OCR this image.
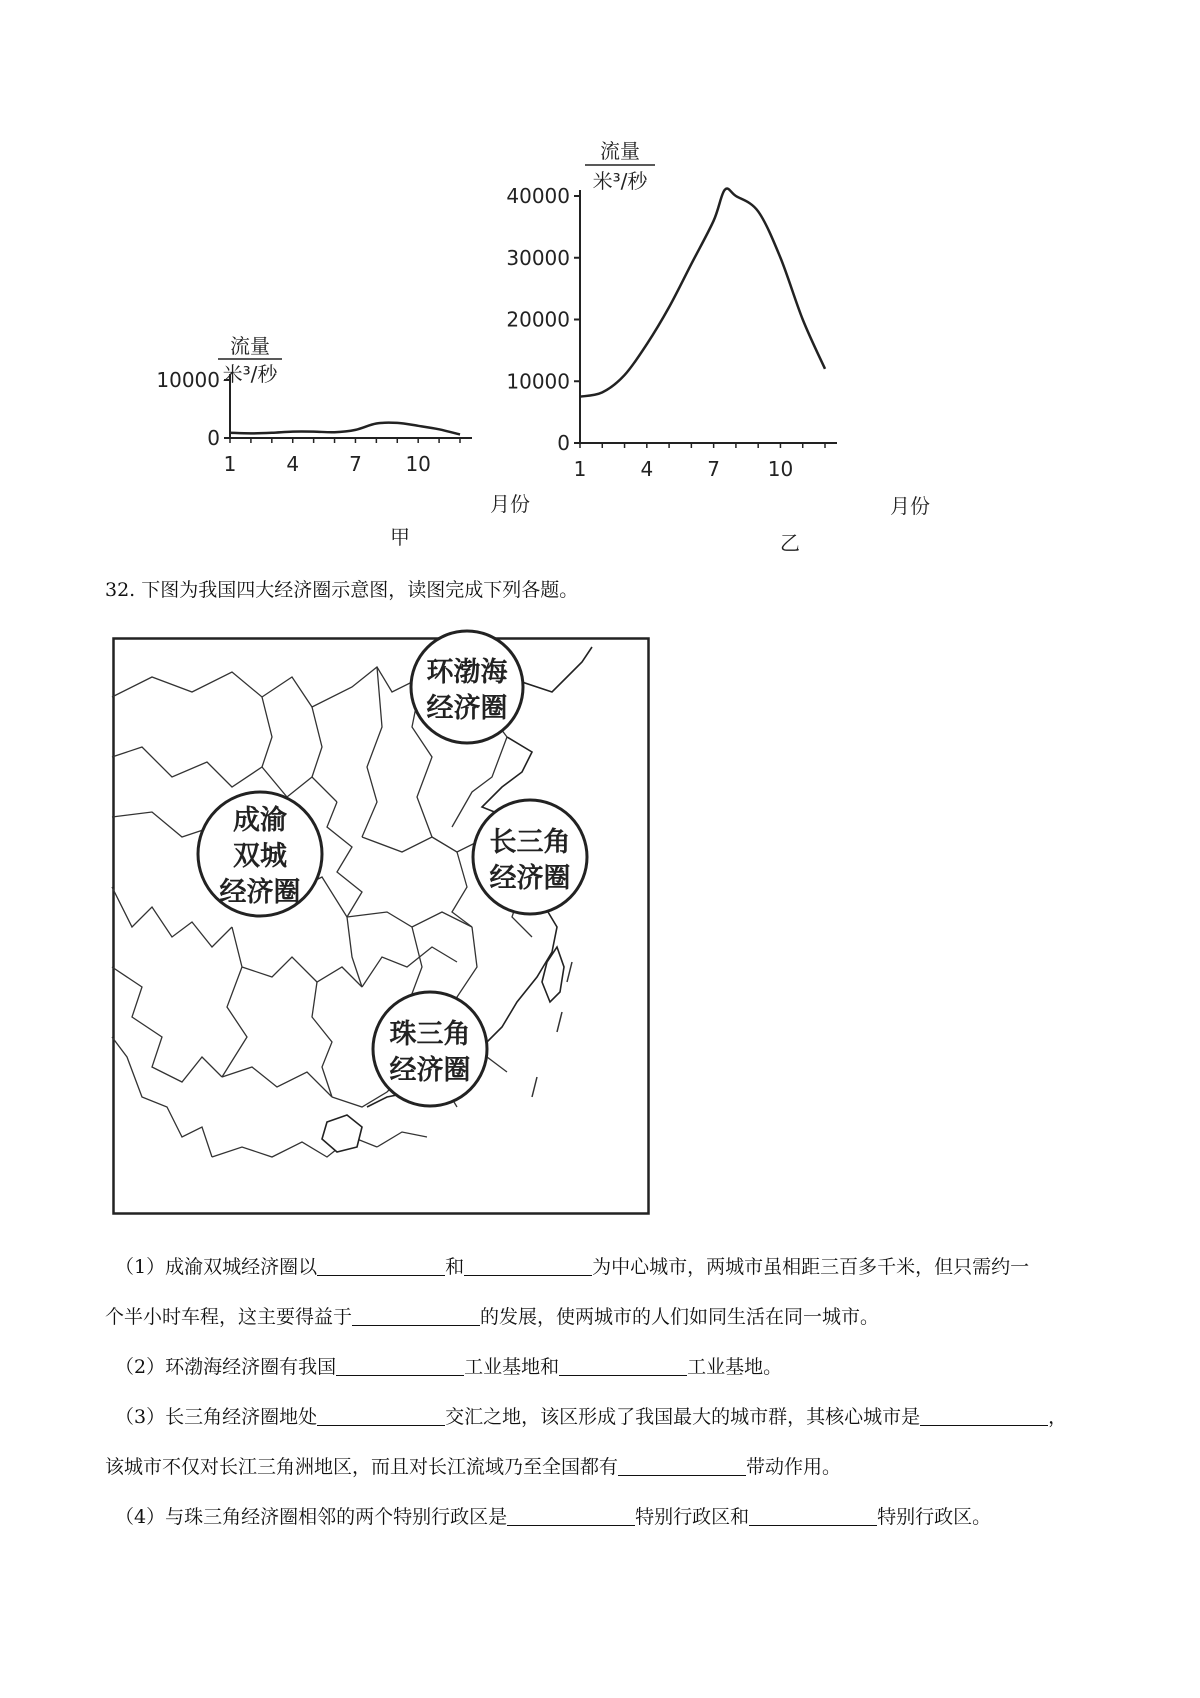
流量
米³/秒
月份
甲
0
10000
1 4 7 10
流量
米³/秒
月份
乙
0
10000
20000
30000
40000
1	4	7 10
32. 下图为我国四大经济圈示意图，读图完成下列各题。
环渤海
经济圈
成渝
双城
经济圈
长三角
经济圈
珠三角
经济圈
（1）成渝双城经济圈以	和	为中心城市，两城市虽相距三百多千米，但只需约一
个半小时车程，这主要得益于	的发展，使两城市的人们如同生活在同一城市。
（2）环渤海经济圈有我国	工业基地和	工业基地。
（3）长三角经济圈地处	交汇之地，该区形成了我国最大的城市群，其核心城市是	，
该城市不仅对长江三角洲地区，而且对长江流域乃至全国都有	带动作用。
（4）与珠三角经济圈相邻的两个特别行政区是	特别行政区和	特别行政区。
